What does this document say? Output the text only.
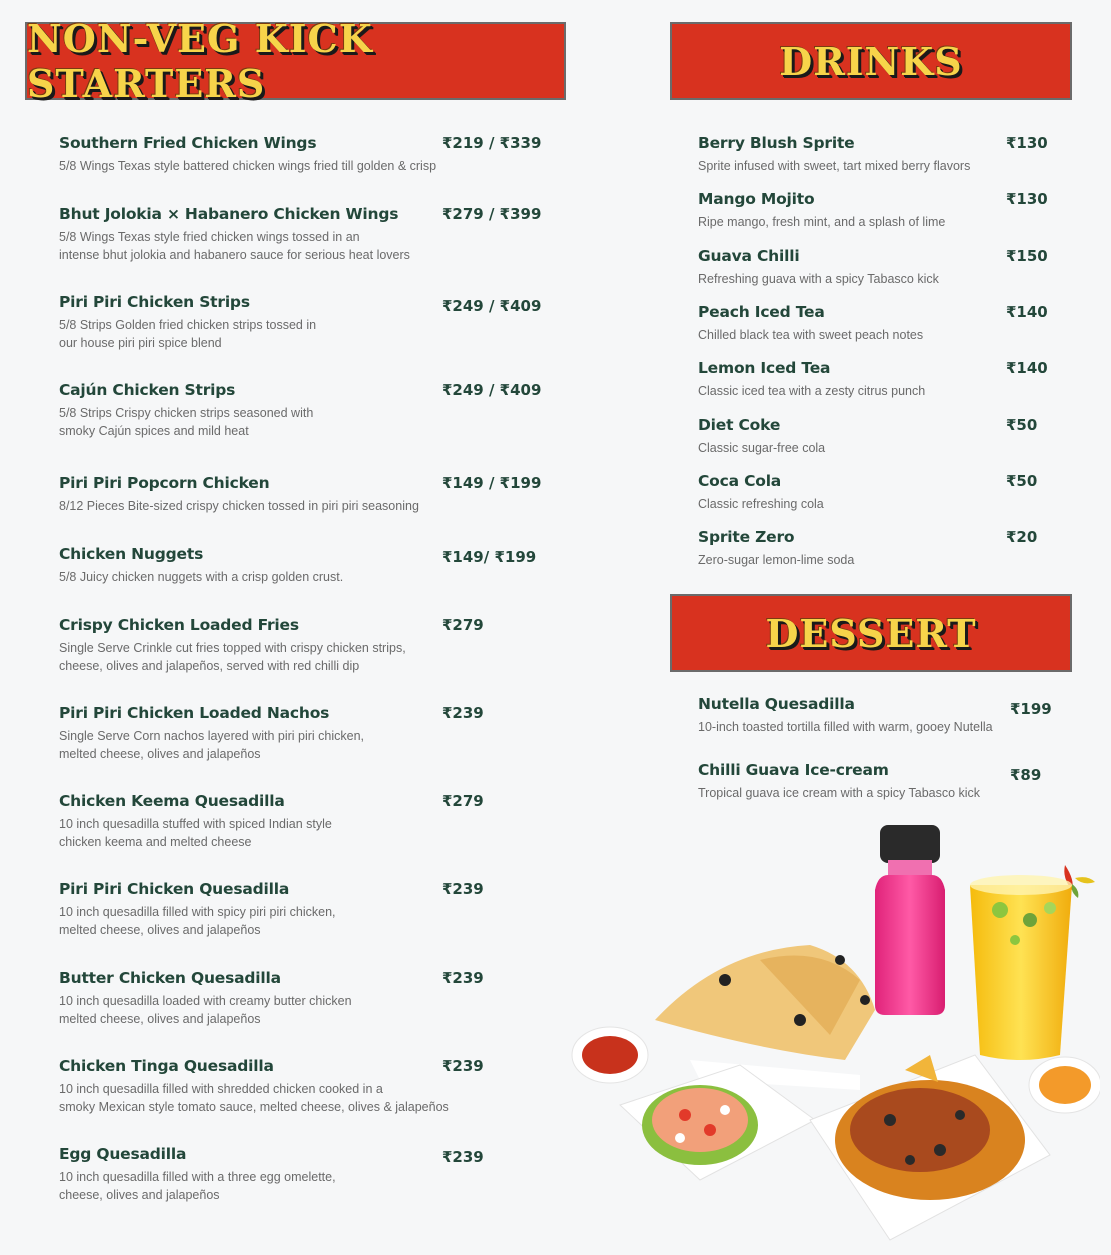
NON-VEG KICK STARTERS	DRINKS
DESSERT
Southern Fried Chicken Wings
5/8 Wings Texas style battered chicken wings fried till golden & crisp
₹219 / ₹339
Bhut Jolokia × Habanero Chicken Wings
5/8 Wings Texas style fried chicken wings tossed in an
intense bhut jolokia and habanero sauce for serious heat lovers
₹279 / ₹399
Piri Piri Chicken Strips
5/8 Strips Golden fried chicken strips tossed in
our house piri piri spice blend
₹249 / ₹409
Cajún Chicken Strips
5/8 Strips Crispy chicken strips seasoned with
smoky Cajún spices and mild heat
₹249 / ₹409
Piri Piri Popcorn Chicken
8/12 Pieces Bite-sized crispy chicken tossed in piri piri seasoning
₹149 / ₹199
Chicken Nuggets
5/8 Juicy chicken nuggets with a crisp golden crust.
₹149/ ₹199
Crispy Chicken Loaded Fries
Single Serve Crinkle cut fries topped with crispy chicken strips,
cheese, olives and jalapeños, served with red chilli dip
₹279
Piri Piri Chicken Loaded Nachos
Single Serve Corn nachos layered with piri piri chicken,
melted cheese, olives and jalapeños
₹239
Chicken Keema Quesadilla
10 inch quesadilla stuffed with spiced Indian style
chicken keema and melted cheese
₹279
Piri Piri Chicken Quesadilla
10 inch quesadilla filled with spicy piri piri chicken,
melted cheese, olives and jalapeños
₹239
Butter Chicken Quesadilla
10 inch quesadilla loaded with creamy butter chicken
melted cheese, olives and jalapeños
₹239
Chicken Tinga Quesadilla
10 inch quesadilla filled with shredded chicken cooked in a
smoky Mexican style tomato sauce, melted cheese, olives & jalapeños
₹239
Egg Quesadilla
10 inch quesadilla filled with a three egg omelette,
cheese, olives and jalapeños
₹239
Berry Blush Sprite
Sprite infused with sweet, tart mixed berry flavors
₹130
Mango Mojito
Ripe mango, fresh mint, and a splash of lime
₹130
Guava Chilli
Refreshing guava with a spicy Tabasco kick
₹150
Peach Iced Tea
Chilled black tea with sweet peach notes
₹140
Lemon Iced Tea
Classic iced tea with a zesty citrus punch
₹140
Diet Coke
Classic sugar-free cola
₹50
Coca Cola
Classic refreshing cola
₹50
Sprite Zero
Zero-sugar lemon-lime soda
₹20
Nutella Quesadilla
10-inch toasted tortilla filled with warm, gooey Nutella
₹199
Chilli Guava Ice-cream
Tropical guava ice cream with a spicy Tabasco kick
₹89
